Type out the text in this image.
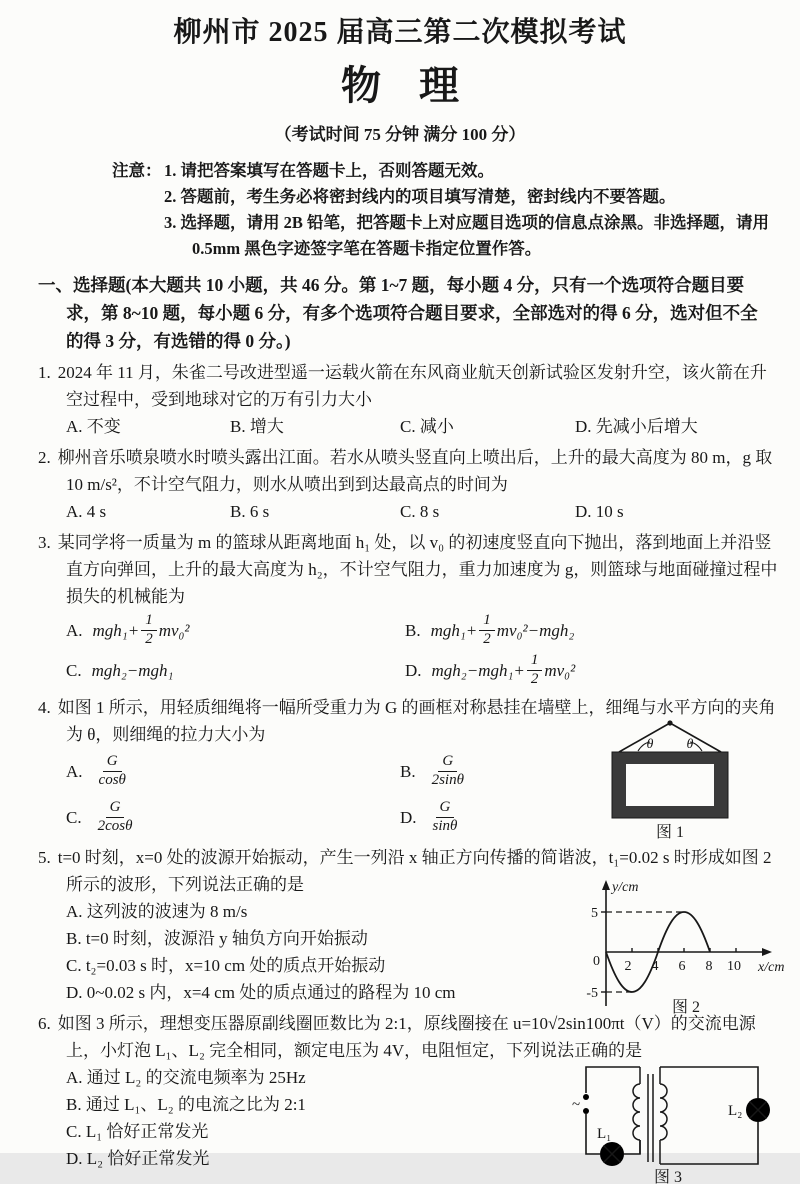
柳州市 2025 届高三第二次模拟考试
物 理
（考试时间 75 分钟 满分 100 分）
注意： 1. 请把答案填写在答题卡上，否则答题无效。
2. 答题前，考生务必将密封线内的项目填写清楚，密封线内不要答题。
3. 选择题，请用 2B 铅笔，把答题卡上对应题目选项的信息点涂黑。非选择题，请用
0.5mm 黑色字迹签字笔在答题卡指定位置作答。
一、选择题(本大题共 10 小题，共 46 分。第 1~7 题，每小题 4 分，只有一个选项符合题目要求，第 8~10 题，每小题 6 分，有多个选项符合题目要求，全部选对的得 6 分，选对但不全的得 3 分，有选错的得 0 分。)
1. 2024 年 11 月，朱雀二号改进型遥一运载火箭在东风商业航天创新试验区发射升空，该火箭在升空过程中，受到地球对它的万有引力大小
A. 不变	B. 增大	C. 减小	D. 先减小后增大
2. 柳州音乐喷泉喷水时喷头露出江面。若水从喷头竖直向上喷出后，上升的最大高度为 80 m，g 取 10 m/s²，不计空气阻力，则水从喷出到到达最高点的时间为
A. 4 s	B. 6 s	C. 8 s	D. 10 s
3. 某同学将一质量为 m 的篮球从距离地面 h₁ 处，以 v₀ 的初速度竖直向下抛出，落到地面上并沿竖直方向弹回，上升的最大高度为 h₂，不计空气阻力，重力加速度为 g，则篮球与地面碰撞过程中损失的机械能为
A. $mgh_1+ \frac{1}{2} mv_0^2$	B. $mgh_1+ \frac{1}{2} mv_0^2-mgh_2$
C. mgh₂−mgh₁	D. $mgh_2-mgh_1+ \frac{1}{2} mv_0^2$
4. 如图 1 所示，用轻质细绳将一幅所受重力为 G 的画框对称悬挂在墙壁上，细绳与水平方向的夹角为 θ，则细绳的拉力大小为
A. $\frac{G}{\cos\theta}$	B. $\frac{G}{2\sin\theta}$
C. $\frac{G}{2\cos\theta}$	D. $\frac{G}{\sin\theta}$
θ θ
图 1
5. t=0 时刻，x=0 处的波源开始振动，产生一列沿 x 轴正方向传播的简谐波，t₁=0.02 s 时形成如图 2 所示的波形，下列说法正确的是
A. 这列波的波速为 8 m/s
B. t=0 时刻，波源沿 y 轴负方向开始振动
C. t₂=0.03 s 时，x=10 cm 处的质点开始振动
D. 0~0.02 s 内，x=4 cm 处的质点通过的路程为 10 cm
y/cm
x/cm
5
-5
0 2 4 6 8 10
图 2
6. 如图 3 所示，理想变压器原副线圈匝数比为 2:1，原线圈接在 u=10√2sin100πt（V）的交流电源上，小灯泡 L₁、L₂ 完全相同，额定电压为 4V，电阻恒定，下列说法正确的是
A. 通过 L₂ 的交流电频率为 25Hz
B. 通过 L₁、L₂ 的电流之比为 2:1
C. L₁ 恰好正常发光
D. L₂ 恰好正常发光
~
L₁
L₂
图 3
